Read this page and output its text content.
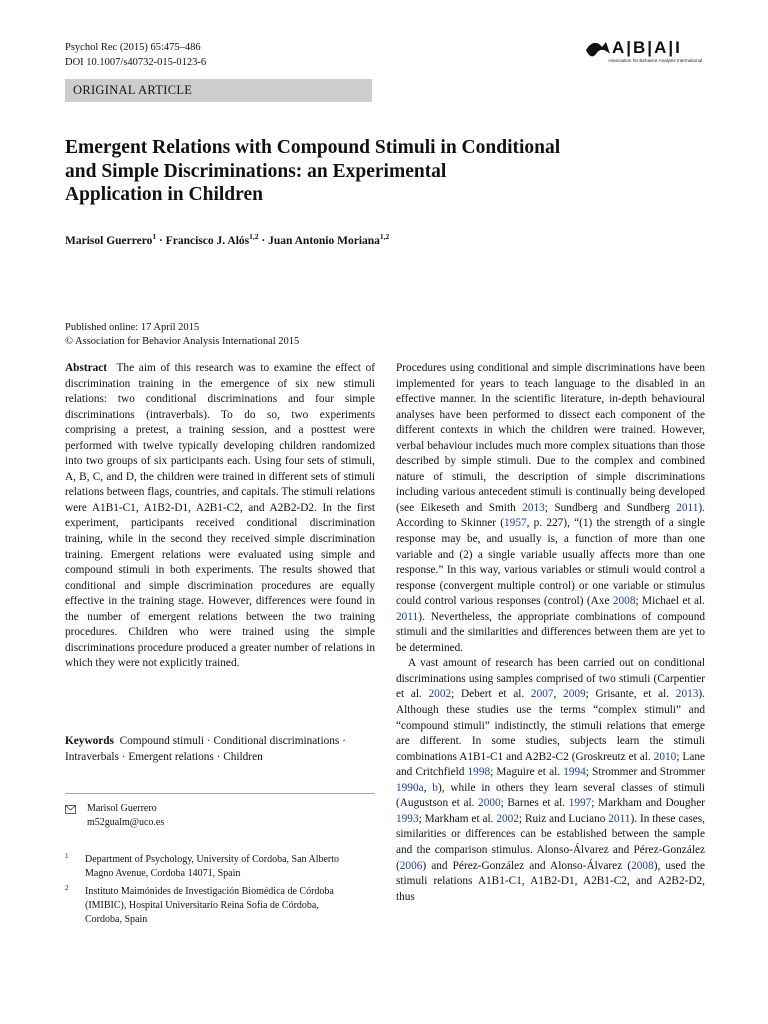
Psychol Rec (2015) 65:475–486
DOI 10.1007/s40732-015-0123-6
A|B|A|I
Association for Behavior Analysis International
ORIGINAL ARTICLE
Emergent Relations with Compound Stimuli in Conditional
and Simple Discriminations: an Experimental
Application in Children
Marisol Guerrero$^1$ · Francisco J. Alós$^{1,2}$ · Juan Antonio Moriana$^{1,2}$
Published online: 17 April 2015
© Association for Behavior Analysis International 2015

Abstract The aim of this research was to examine the effect of discrimination training in the emergence of six new stimuli relations: two conditional discriminations and four simple discriminations (intraverbals). To do so, two experiments comprising a pretest, a training session, and a posttest were performed with twelve typically developing children randomized into two groups of six participants each. Using four sets of stimuli, A, B, C, and D, the children were trained in different sets of stimuli relations between flags, countries, and capitals. The stimuli relations were A1B1-C1, A1B2-D1, A2B1-C2, and A2B2-D2. In the first experiment, participants received conditional discrimination training, while in the second they received simple discrimination training. Emergent relations were evaluated using simple and compound stimuli in both experiments. The results showed that conditional and simple discrimination procedures are equally effective in the training stage. However, differences were found in the number of emergent relations between the two training procedures. Children who were trained using the simple discriminations procedure produced a greater number of relations in which they were not explicitly trained.

Keywords Compound stimuli · Conditional discriminations · Intraverbals · Emergent relations · Children
Marisol Guerrero
m52gualm@uco.es
1 Department of Psychology, University of Cordoba, San Alberto
Magno Avenue, Cordoba 14071, Spain
2 Instituto Maimónides de Investigación Biomédica de Córdoba
(IMIBIC), Hospital Universitario Reina Sofía de Córdoba,
Cordoba, Spain

Procedures using conditional and simple discriminations have been implemented for years to teach language to the disabled in an effective manner. In the scientific literature, in-depth behavioural analyses have been performed to dissect each component of the different contexts in which the children were trained. However, verbal behaviour includes much more complex situations than those described by simple stimuli. Due to the complex and combined nature of stimuli, the description of simple discriminations including various antecedent stimuli is continually being developed (see Eikeseth and Smith 2013; Sundberg and Sundberg 2011). According to Skinner (1957, p. 227), “(1) the strength of a single response may be, and usually is, a function of more than one variable and (2) a single variable usually affects more than one response.” In this way, various variables or stimuli would control a response (convergent multiple control) or one variable or stimulus could control various responses (control) (Axe 2008; Michael et al. 2011). Nevertheless, the appropriate combinations of compound stimuli and the similarities and differences between them are yet to be determined.

A vast amount of research has been carried out on conditional discriminations using samples comprised of two stimuli (Carpentier et al. 2002; Debert et al. 2007, 2009; Grisante, et al. 2013). Although these studies use the terms “complex stimuli” and “compound stimuli” indistinctly, the stimuli relations that emerge are different. In some studies, subjects learn the stimuli combinations A1B1-C1 and A2B2-C2 (Groskreutz et al. 2010; Lane and Critchfield 1998; Maguire et al. 1994; Strommer and Strommer 1990a, b), while in others they learn several classes of stimuli (Augustson et al. 2000; Barnes et al. 1997; Markham and Dougher 1993; Markham et al. 2002; Ruiz and Luciano 2011). In these cases, similarities or differences can be established between the sample and the comparison stimulus. Alonso-Álvarez and Pérez-González (2006) and Pérez-González and Alonso-Álvarez (2008), used the stimuli relations A1B1-C1, A1B2-D1, A2B1-C2, and A2B2-D2, thus
